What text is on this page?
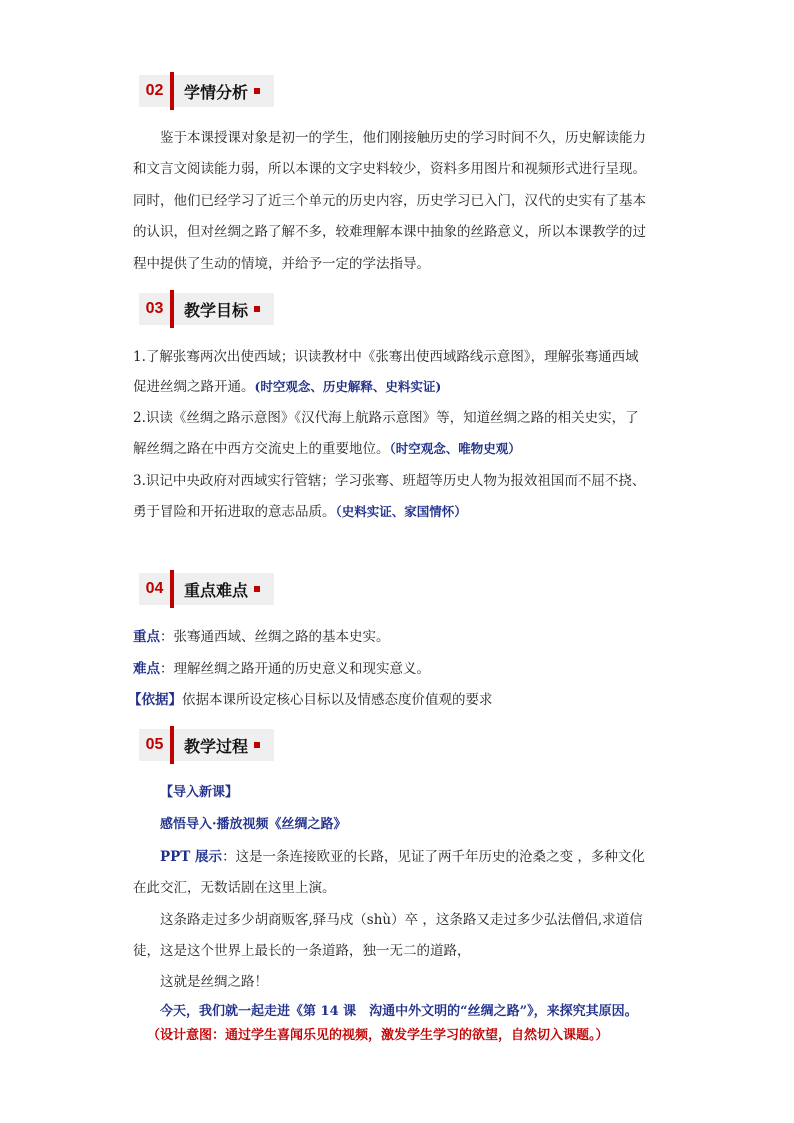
02	学情分析
鉴于本课授课对象是初一的学生，他们刚接触历史的学习时间不久，历史解读能力
和文言文阅读能力弱，所以本课的文字史料较少，资料多用图片和视频形式进行呈现。
同时，他们已经学习了近三个单元的历史内容，历史学习已入门，汉代的史实有了基本
的认识，但对丝绸之路了解不多，较难理解本课中抽象的丝路意义，所以本课教学的过
程中提供了生动的情境，并给予一定的学法指导。
03	教学目标
1.了解张骞两次出使西域；识读教材中《张骞出使西域路线示意图》，理解张骞通西域
促进丝绸之路开通。(时空观念、历史解释、史料实证)
2.识读《丝绸之路示意图》《汉代海上航路示意图》等，知道丝绸之路的相关史实，了
解丝绸之路在中西方交流史上的重要地位。（时空观念、唯物史观）
3.识记中央政府对西域实行管辖；学习张骞、班超等历史人物为报效祖国而不屈不挠、
勇于冒险和开拓进取的意志品质。（史料实证、家国情怀）
04	重点难点
重点：张骞通西域、丝绸之路的基本史实。
难点：理解丝绸之路开通的历史意义和现实意义。
【依据】依据本课所设定核心目标以及情感态度价值观的要求
05	教学过程
【导入新课】
感悟导入·播放视频《丝绸之路》
PPT 展示：这是一条连接欧亚的长路，见证了两千年历史的沧桑之变 ，多种文化
在此交汇，无数话剧在这里上演。
这条路走过多少胡商贩客,驿马戍（shù）卒 ，这条路又走过多少弘法僧侣,求道信
徒，这是这个世界上最长的一条道路，独一无二的道路，
这就是丝绸之路！
今天，我们就一起走进《第 14 课　沟通中外文明的“丝绸之路”》，来探究其原因。
（设计意图：通过学生喜闻乐见的视频，激发学生学习的欲望，自然切入课题。）
